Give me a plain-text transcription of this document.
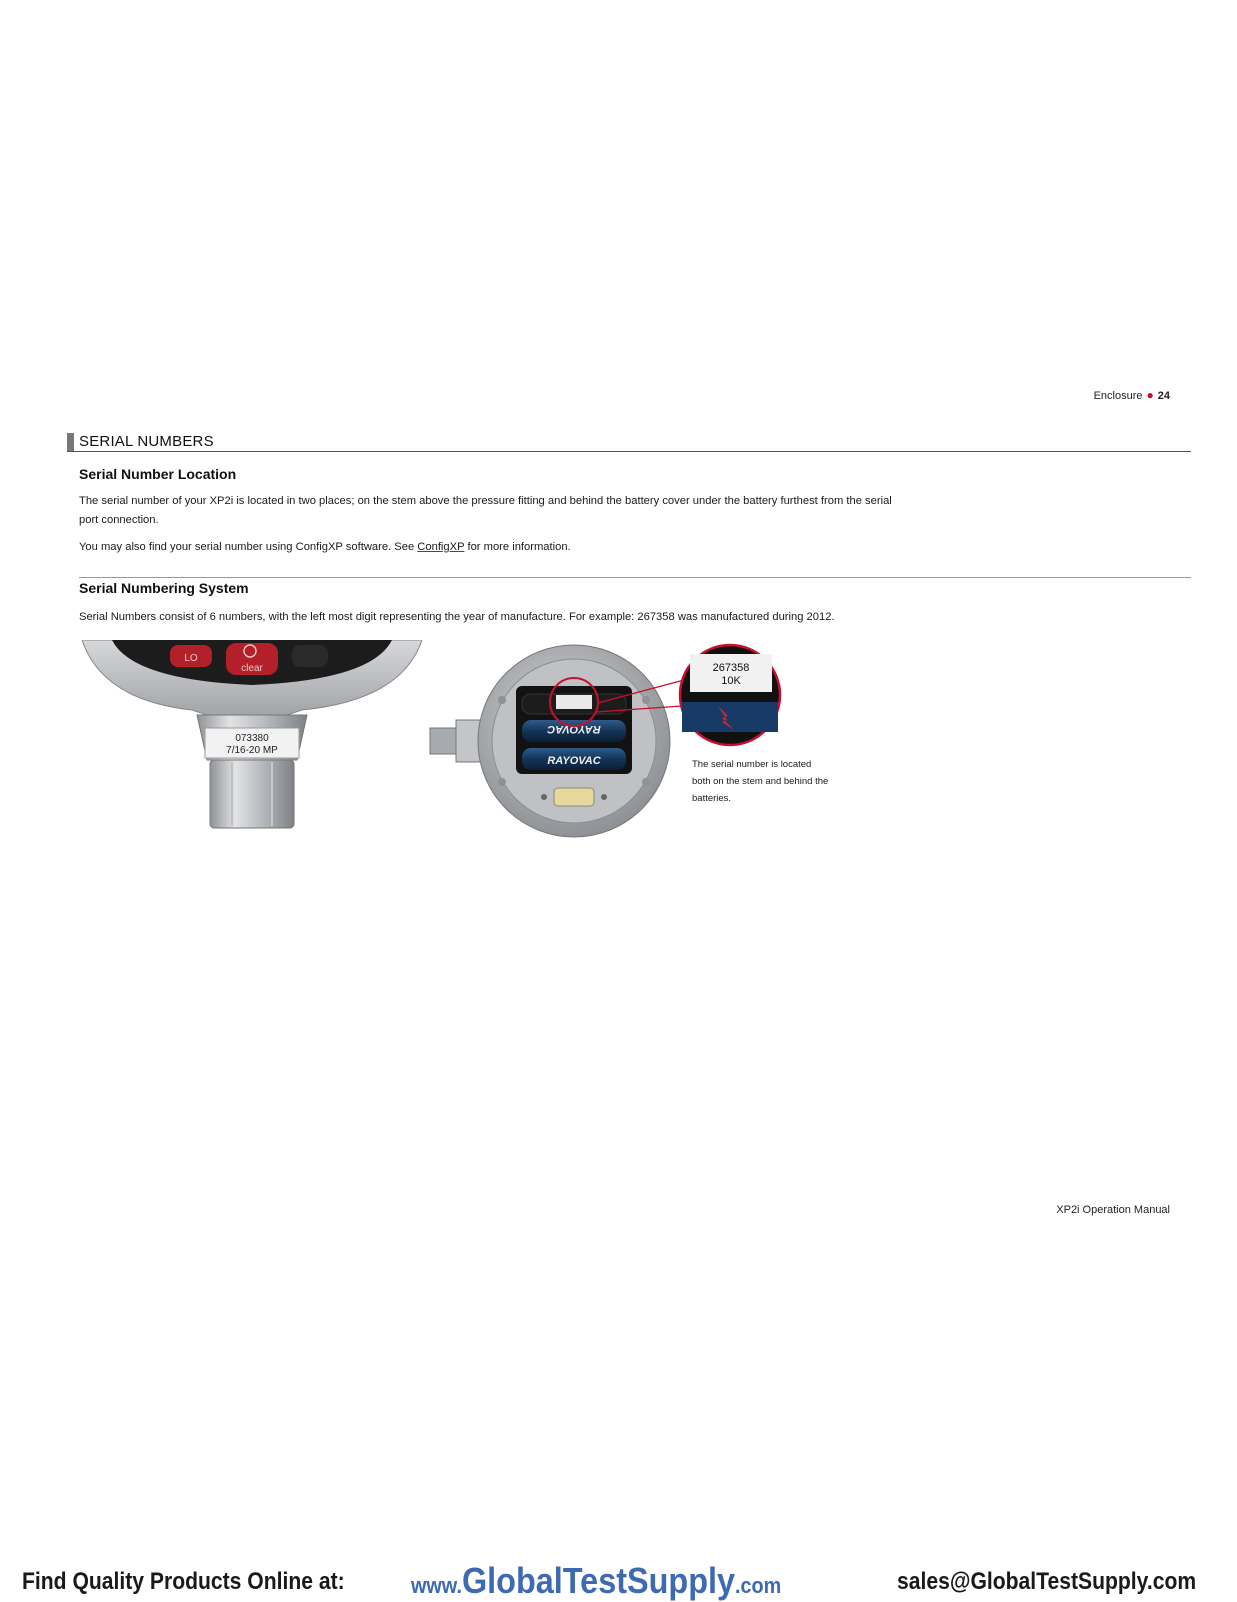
Enclosure ● 24
SERIAL NUMBERS
Serial Number Location

The serial number of your XP2i is located in two places; on the stem above the pressure fitting and behind the battery cover under the battery furthest from the serial port connection.

You may also find your serial number using ConfigXP software. See ConfigXP for more information.

Serial Numbering System

Serial Numbers consist of 6 numbers, with the left most digit representing the year of manufacture. For example: 267358 was manufactured during 2012.

LO
clear
073380
7/16-20 MP
RAYOVAC
RAYOVAC
267358
10K
The serial number is located both on the stem and behind the batteries.
XP2i Operation Manual
Find Quality Products Online at:	www.GlobalTestSupply.com	sales@GlobalTestSupply.com
